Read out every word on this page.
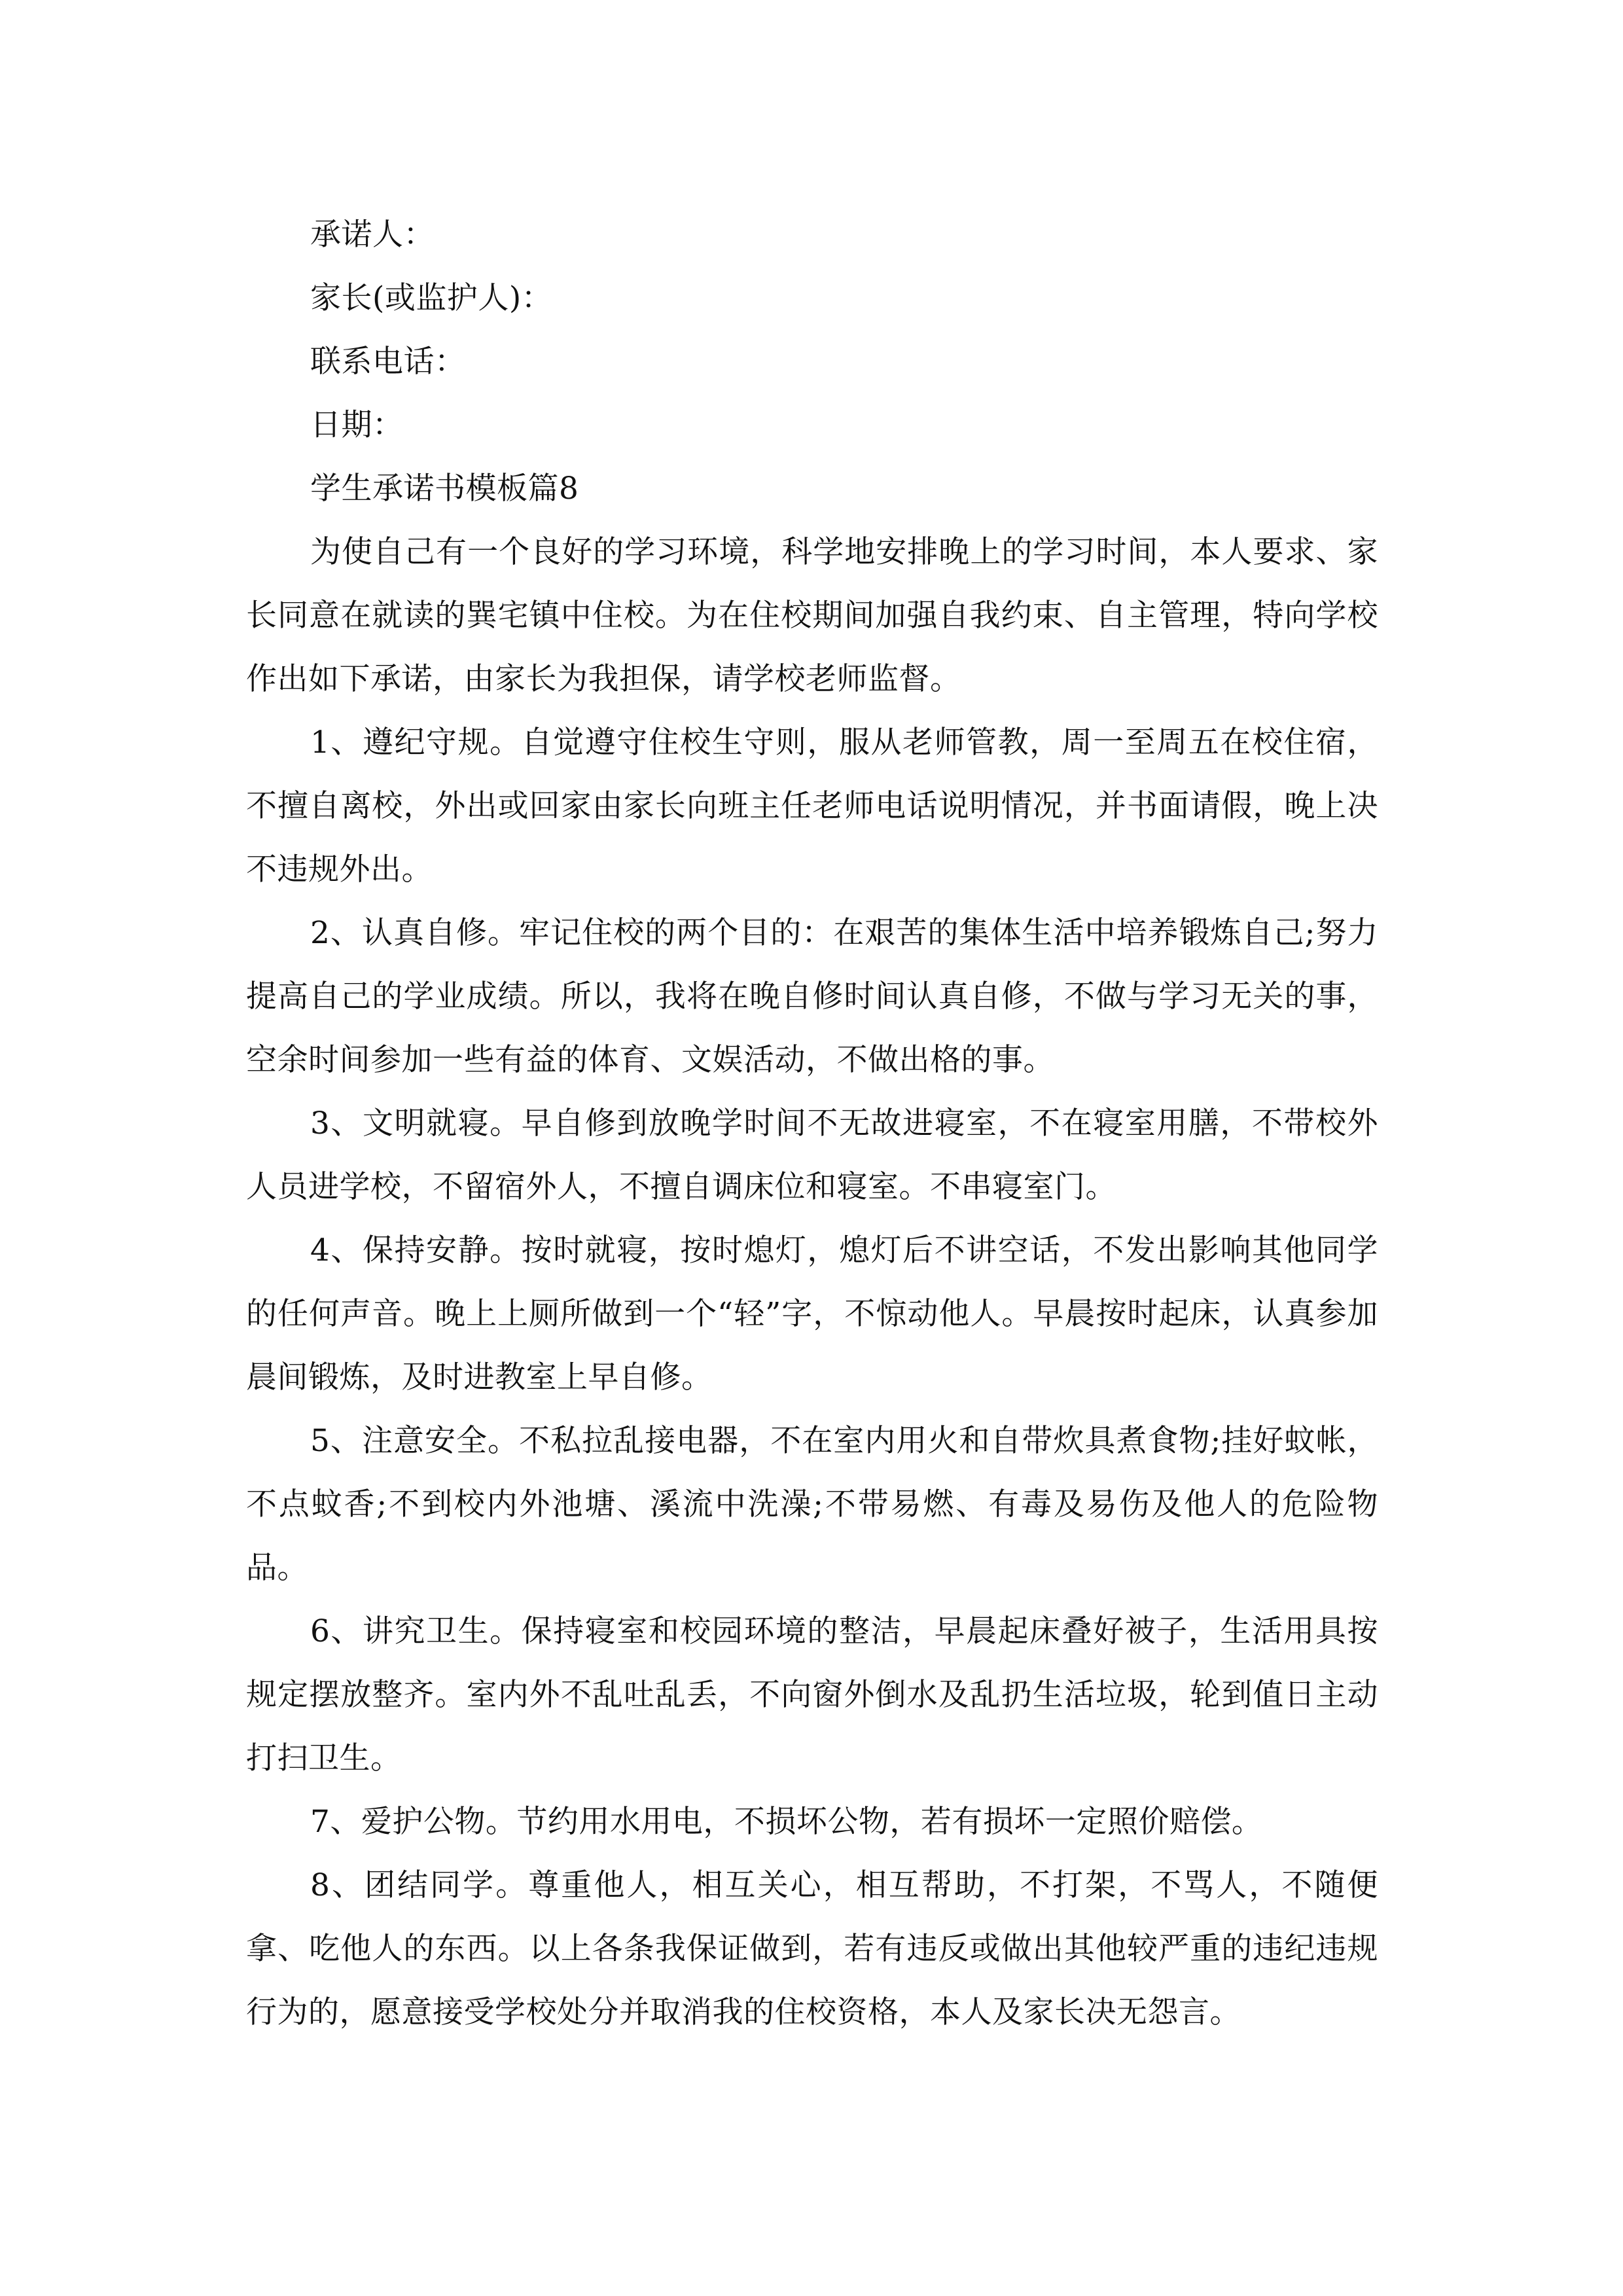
承诺人：

家长(或监护人)：

联系电话：

日期：

学生承诺书模板篇8

为使自己有一个良好的学习环境，科学地安排晚上的学习时间，本人要求、家长同意在就读的巽宅镇中住校。为在住校期间加强自我约束、自主管理，特向学校作出如下承诺，由家长为我担保，请学校老师监督。

1、遵纪守规。自觉遵守住校生守则，服从老师管教，周一至周五在校住宿，不擅自离校，外出或回家由家长向班主任老师电话说明情况，并书面请假，晚上决不违规外出。

2、认真自修。牢记住校的两个目的：在艰苦的集体生活中培养锻炼自己;努力提高自己的学业成绩。所以，我将在晚自修时间认真自修，不做与学习无关的事，空余时间参加一些有益的体育、文娱活动，不做出格的事。

3、文明就寝。早自修到放晚学时间不无故进寝室，不在寝室用膳，不带校外人员进学校，不留宿外人，不擅自调床位和寝室。不串寝室门。

4、保持安静。按时就寝，按时熄灯，熄灯后不讲空话，不发出影响其他同学的任何声音。晚上上厕所做到一个“轻”字，不惊动他人。早晨按时起床，认真参加晨间锻炼，及时进教室上早自修。

5、注意安全。不私拉乱接电器，不在室内用火和自带炊具煮食物;挂好蚊帐，不点蚊香;不到校内外池塘、溪流中洗澡;不带易燃、有毒及易伤及他人的危险物品。

6、讲究卫生。保持寝室和校园环境的整洁，早晨起床叠好被子，生活用具按规定摆放整齐。室内外不乱吐乱丢，不向窗外倒水及乱扔生活垃圾，轮到值日主动打扫卫生。

7、爱护公物。节约用水用电，不损坏公物，若有损坏一定照价赔偿。

8、团结同学。尊重他人，相互关心，相互帮助，不打架，不骂人，不随便拿、吃他人的东西。以上各条我保证做到，若有违反或做出其他较严重的违纪违规行为的，愿意接受学校处分并取消我的住校资格，本人及家长决无怨言。
